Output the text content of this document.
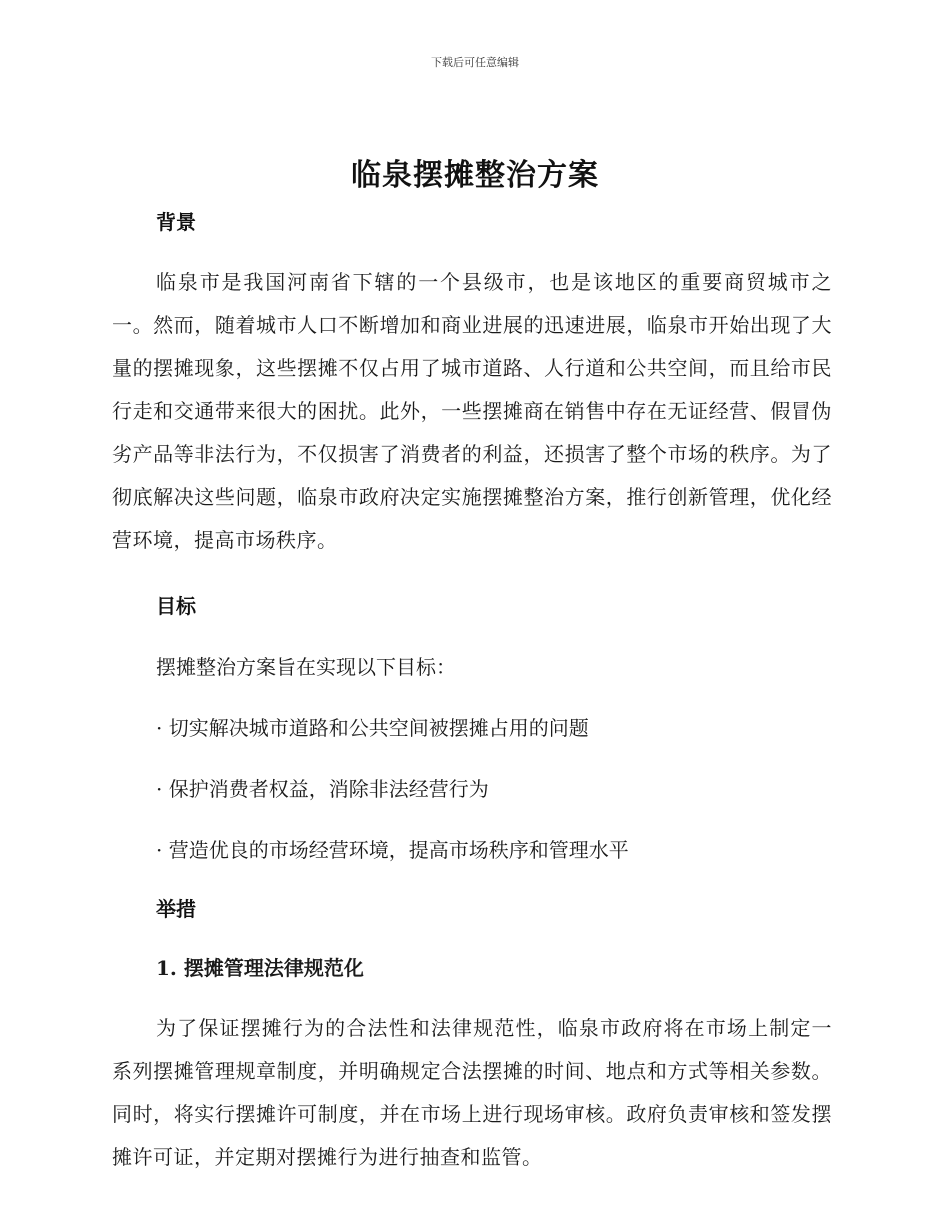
下载后可任意编辑
临泉摆摊整治方案
背景

临泉市是我国河南省下辖的一个县级市，也是该地区的重要商贸城市之一。然而，随着城市人口不断增加和商业进展的迅速进展，临泉市开始出现了大量的摆摊现象，这些摆摊不仅占用了城市道路、人行道和公共空间，而且给市民行走和交通带来很大的困扰。此外，一些摆摊商在销售中存在无证经营、假冒伪劣产品等非法行为，不仅损害了消费者的利益，还损害了整个市场的秩序。为了彻底解决这些问题，临泉市政府决定实施摆摊整治方案，推行创新管理，优化经营环境，提高市场秩序。

目标
摆摊整治方案旨在实现以下目标：
· 切实解决城市道路和公共空间被摆摊占用的问题
· 保护消费者权益，消除非法经营行为
· 营造优良的市场经营环境，提高市场秩序和管理水平
举措
1. 摆摊管理法律规范化

为了保证摆摊行为的合法性和法律规范性，临泉市政府将在市场上制定一系列摆摊管理规章制度，并明确规定合法摆摊的时间、地点和方式等相关参数。同时，将实行摆摊许可制度，并在市场上进行现场审核。政府负责审核和签发摆摊许可证，并定期对摆摊行为进行抽查和监管。
